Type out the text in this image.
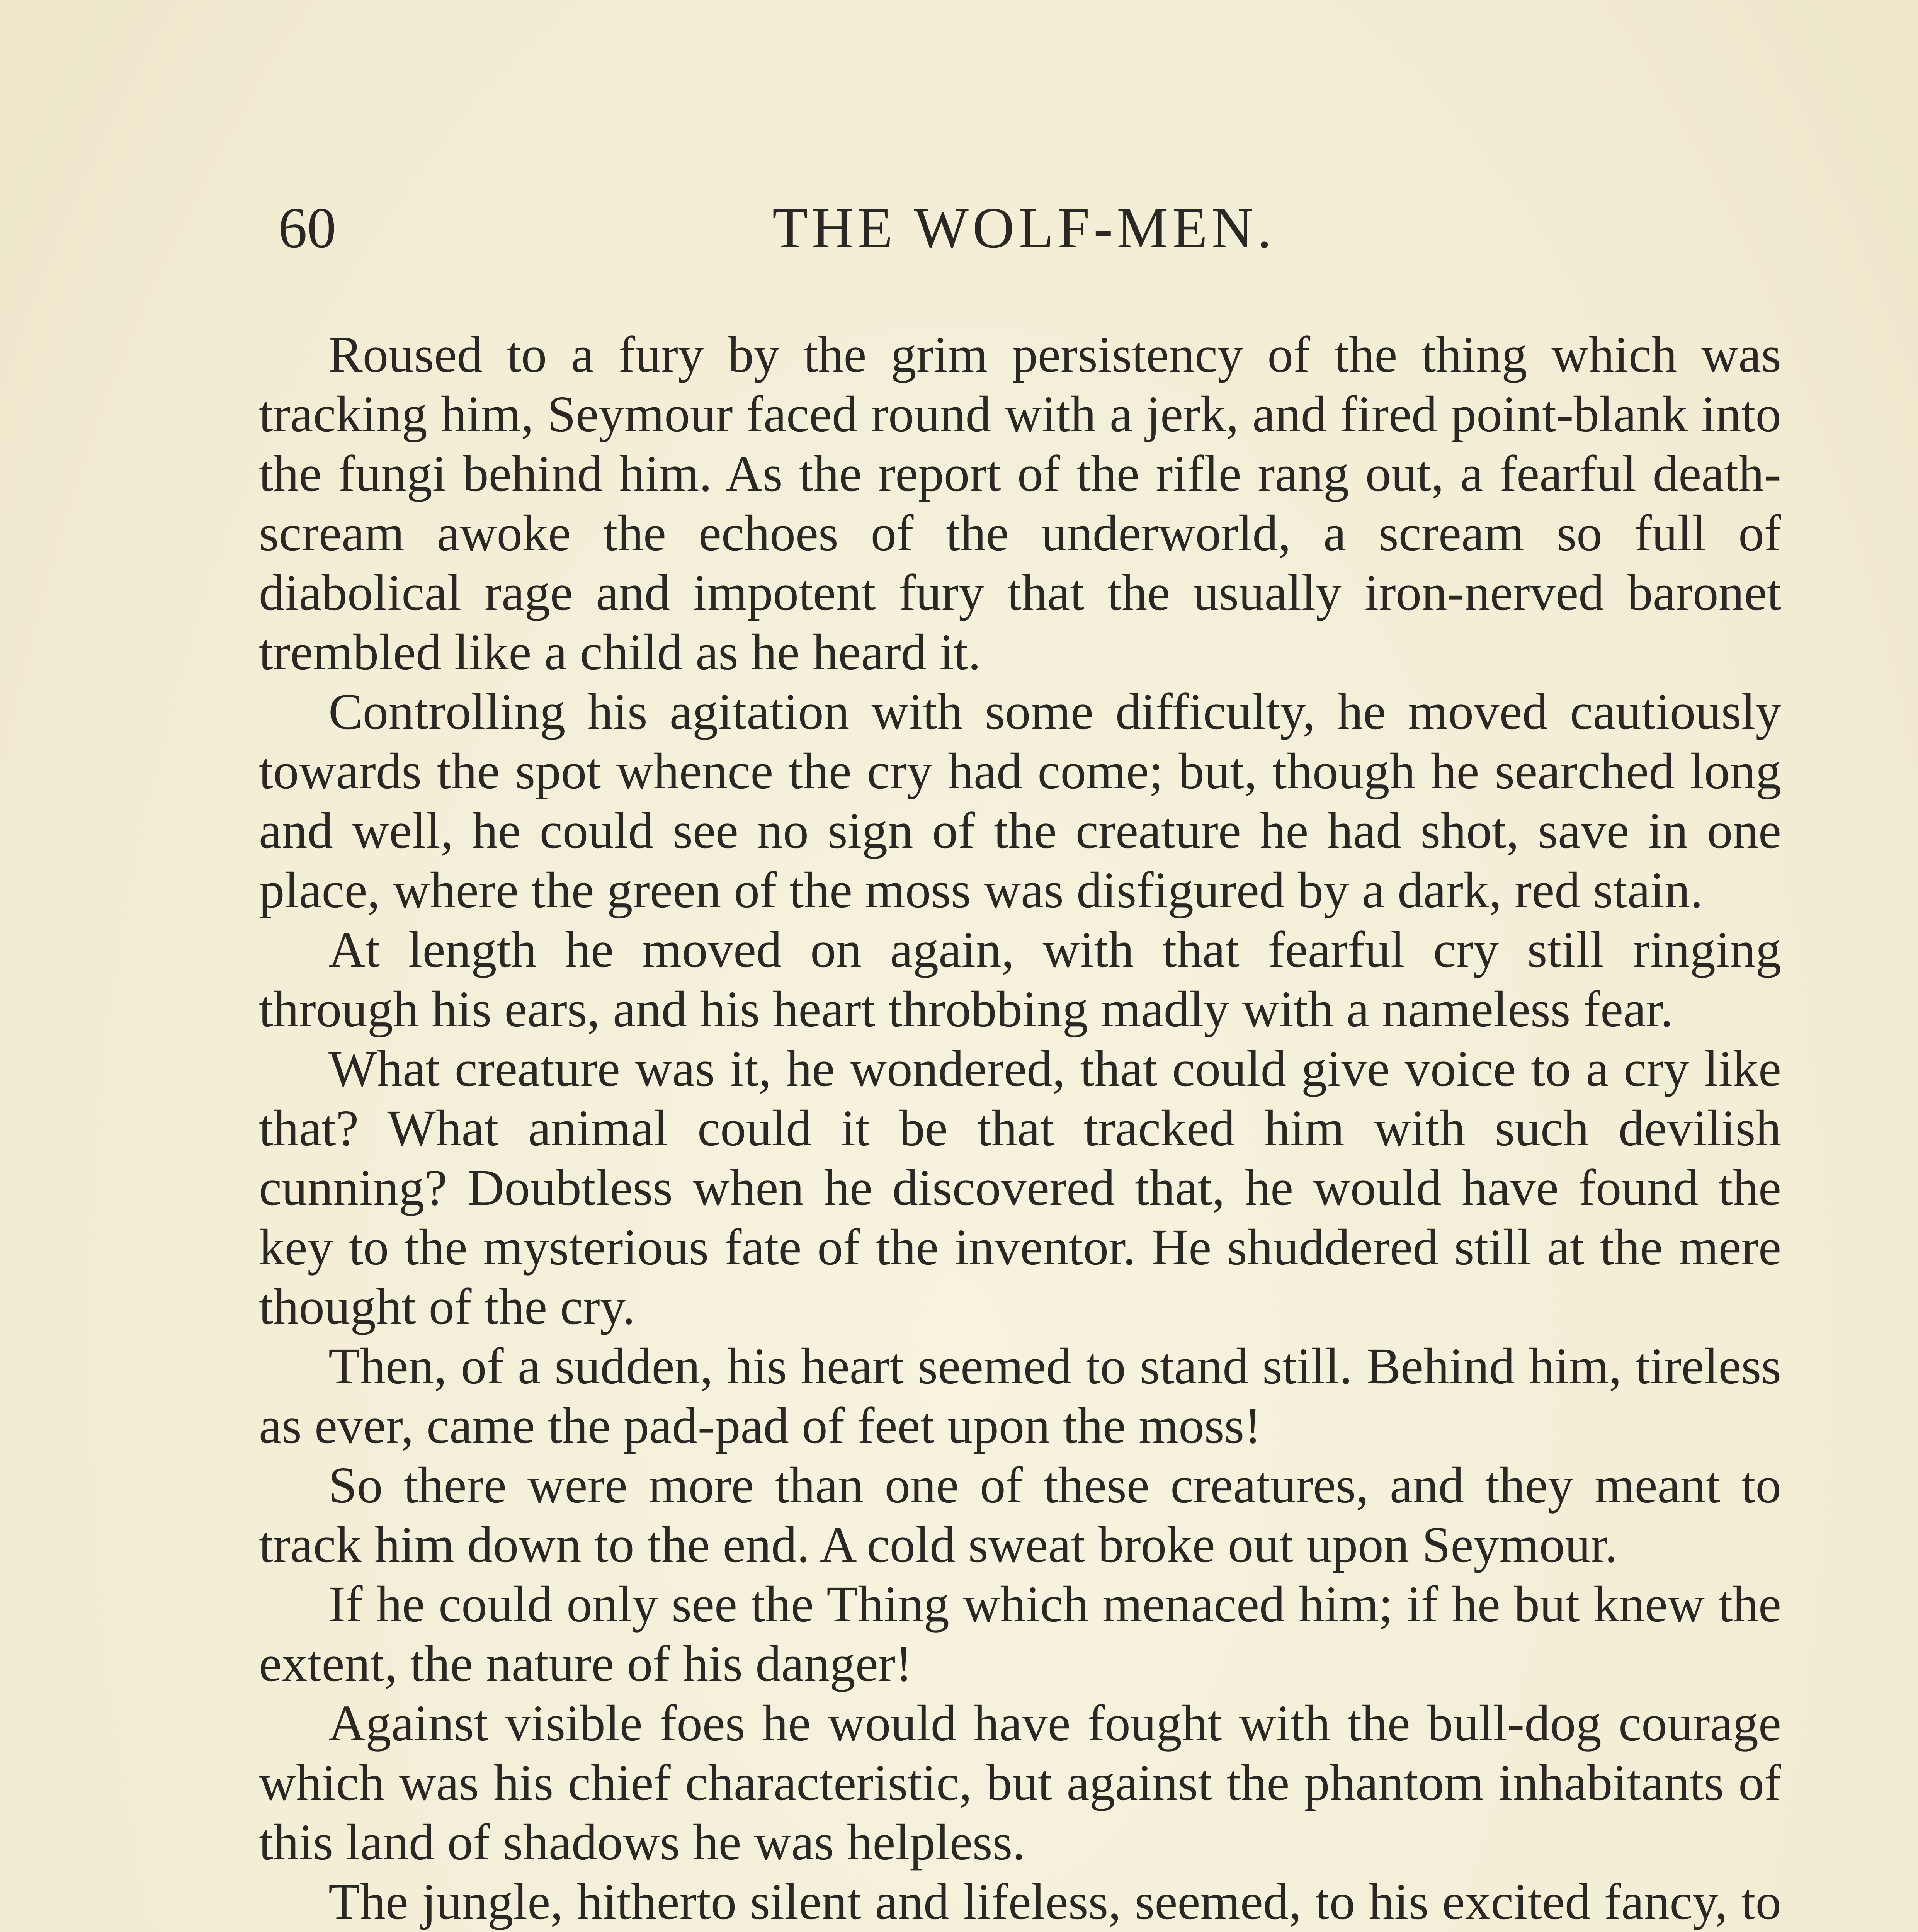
60	THE WOLF-MEN.

Roused to a fury by the grim persistency of the thing which was tracking him, Seymour faced round with a jerk, and fired point-blank into the fungi behind him. As the report of the rifle rang out, a fearful death-scream awoke the echoes of the underworld, a scream so full of diabolical rage and impotent fury that the usually iron-nerved baronet trembled like a child as he heard it.

Controlling his agitation with some difficulty, he moved cautiously towards the spot whence the cry had come; but, though he searched long and well, he could see no sign of the creature he had shot, save in one place, where the green of the moss was disfigured by a dark, red stain.

At length he moved on again, with that fearful cry still ringing through his ears, and his heart throbbing madly with a nameless fear.

What creature was it, he wondered, that could give voice to a cry like that? What animal could it be that tracked him with such devilish cunning? Doubtless when he discovered that, he would have found the key to the mysterious fate of the inventor. He shuddered still at the mere thought of the cry.

Then, of a sudden, his heart seemed to stand still. Behind him, tireless as ever, came the pad-pad of feet upon the moss!

So there were more than one of these creatures, and they meant to track him down to the end. A cold sweat broke out upon Seymour.

If he could only see the Thing which menaced him; if he but knew the extent, the nature of his danger!

Against visible foes he would have fought with the bull-dog courage which was his chief characteristic, but against the phantom inhabitants of this land of shadows he was helpless.

The jungle, hitherto silent and lifeless, seemed, to his excited fancy, to
